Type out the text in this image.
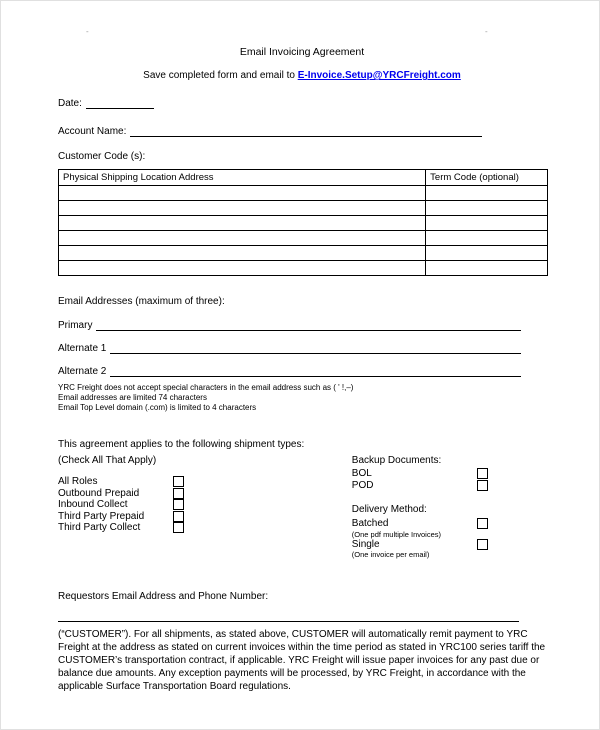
-	-
Email Invoicing Agreement
Save completed form and email to E-Invoice.Setup@YRCFreight.com
Date:
Account Name:
Customer Code (s):
Physical Shipping Location Address	Term Code (optional)

Email Addresses (maximum of three):
Primary
Alternate 1
Alternate 2
YRC Freight does not accept special characters in the email address such as ( ' !,–)
Email addresses are limited 74 characters
Email Top Level domain (.com) is limited to 4 characters
This agreement applies to the following shipment types:
(Check All That Apply)
All Roles
Outbound Prepaid
Inbound Collect
Third Party Prepaid
Third Party Collect
Backup Documents:
BOL
POD
Delivery Method:
Batched
(One pdf multiple Invoices)
Single
(One invoice per email)
Requestors Email Address and Phone Number:
(“CUSTOMER”). For all shipments, as stated above, CUSTOMER will automatically remit payment to YRC Freight at the address as stated on current invoices within the time period as stated in YRC100 series tariff the CUSTOMER’s transportation contract, if applicable. YRC Freight will issue paper invoices for any past due or balance due amounts. Any exception payments will be processed, by YRC Freight, in accordance with the applicable Surface Transportation Board regulations.
